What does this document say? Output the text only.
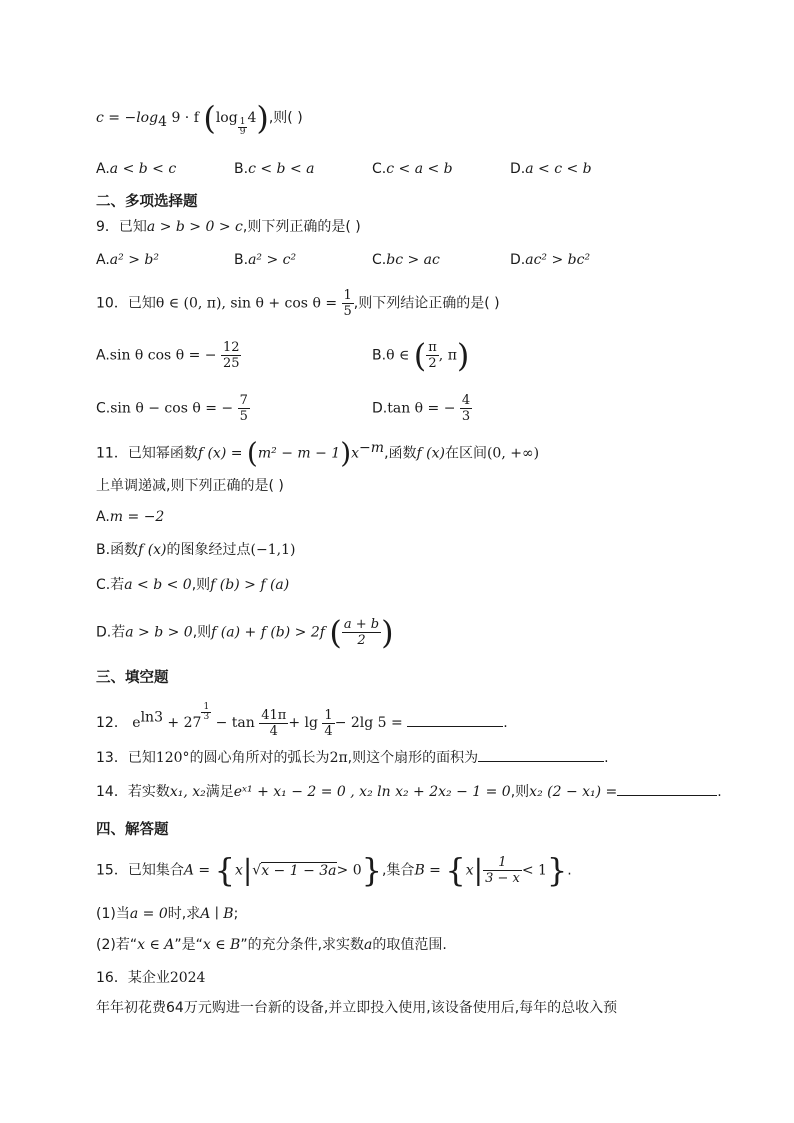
$c = -\log_4$ 9 · f $(\log \frac{1}{9} 4)$,则( )
A.a < b < c	B.c < b < a	C.c < a < b	D.a < c < b
二、多项选择题
9．已知a > b > 0 > c,则下列正确的是( )
A.a² > b²	B.a² > c²	C.bc > ac	D.ac² > bc²
10．已知θ ∈ (0, π), $\sin \theta + \cos \theta = \frac{1}{5}$ ,则下列结论正确的是( )
A.sin θ cos θ = − $\frac{12}{25}$	B.θ ∈ ( $\frac{\pi}{2}$ , π)
C.sin θ − cos θ = − $\frac{7}{5}$	D.tan θ = − $\frac{4}{3}$
11．已知幂函数f $(x) = (m^2 - m - 1)x^{-m}$,函数f (x)在区间(0, +∞)
上单调递减,则下列正确的是( )
A.m = −2
B.函数f (x)的图象经过点(−1,1)
C.若a < b < 0,则f (b) > f (a)
D.若a > b > 0,则f (a) + f (b) > 2f ( $\frac{a + b}{2}$ )
三、填空题
12． $e^{ln3} + 27$
$^{\frac{1}{3}}$
− $\tan \frac{41\pi}{4} + \lg \frac{1}{4} - 2\lg$ 5 =	.
13．已知120°的圆心角所对的弧长为2π,则这个扇形的面积为	.
14．若实数x₁, x₂满足eˣ¹ + x₁ − 2 = 0 , x₂ ln x₂ + 2x₂ − 1 = 0,则x₂ (2 − x₁) =	.
四、解答题
15．已知集合A = {x|√x − 1 − 3a> 0},集合$B = \{x| \frac{1}{3 - x} < 1\}$.
(1)当a = 0时,求A ∣ B;
(2)若“x ∈ A”是“x ∈ B”的充分条件,求实数a的取值范围.
16．某企业2024
年年初花费64万元购进一台新的设备,并立即投入使用,该设备使用后,每年的总收入预
